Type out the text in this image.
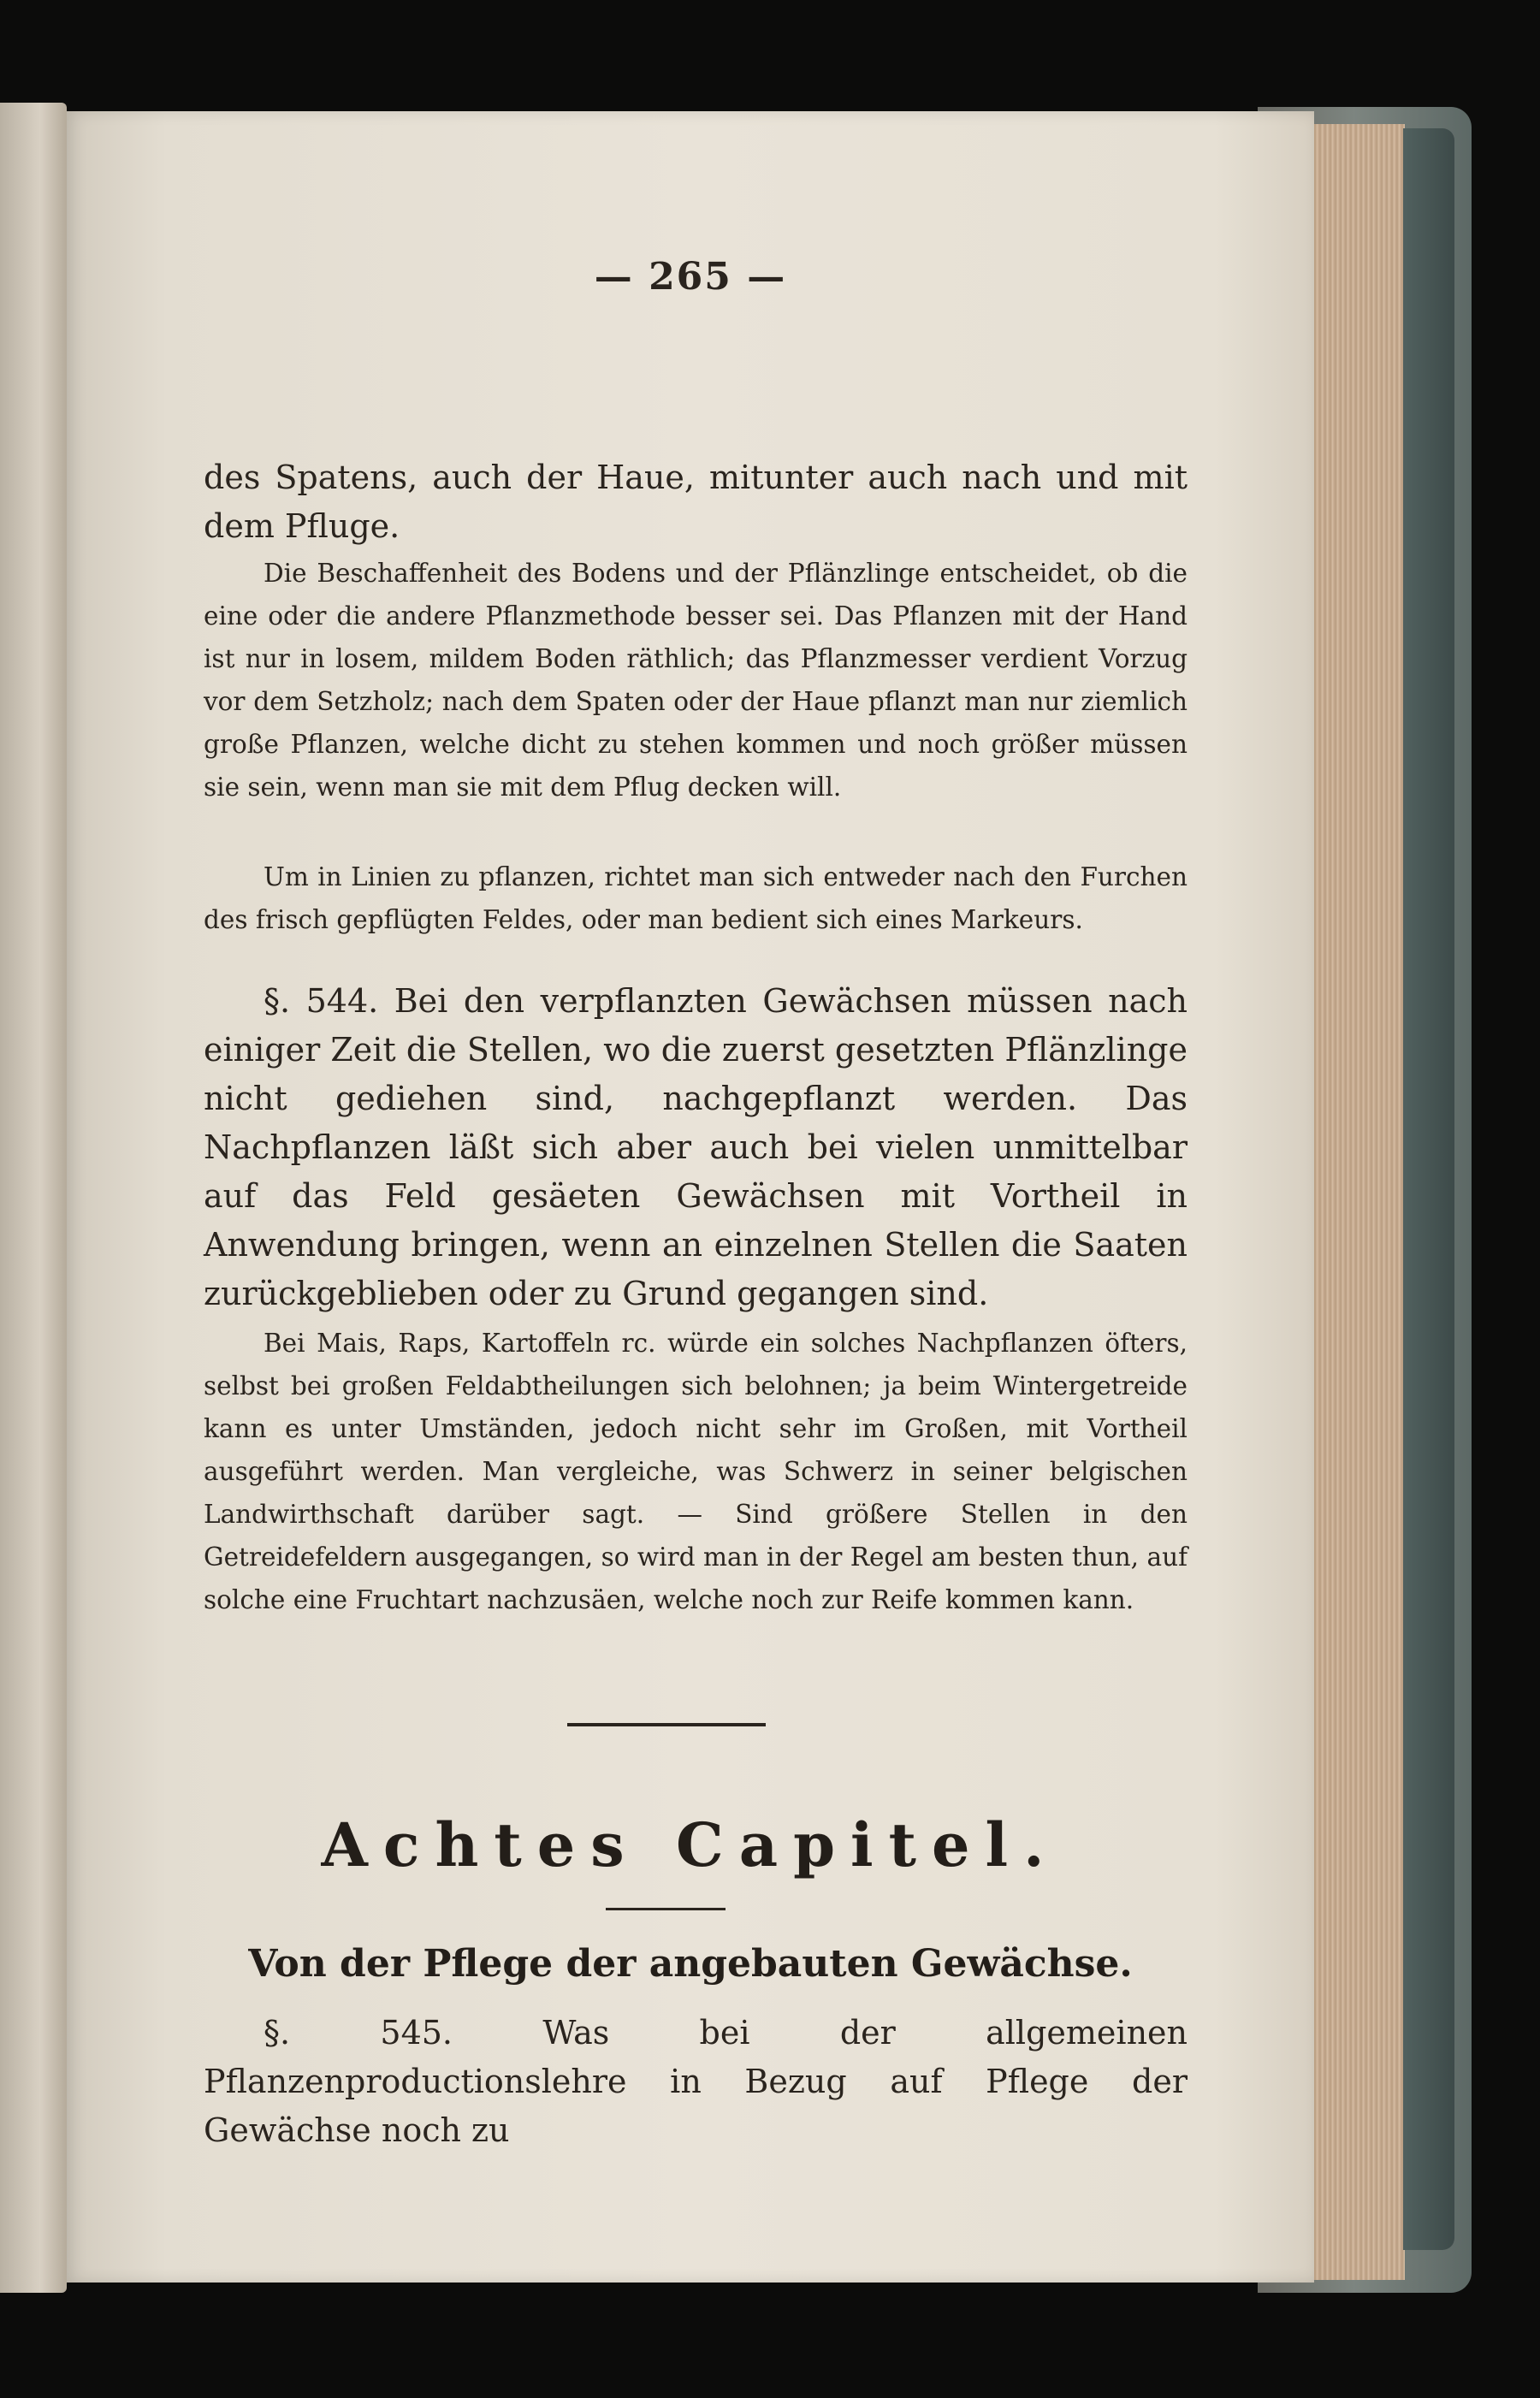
— 265 —

des Spatens, auch der Haue, mitunter auch nach und mit dem Pfluge.

Die Beschaffenheit des Bodens und der Pflänzlinge entscheidet, ob die eine oder die andere Pflanzmethode besser sei. Das Pflanzen mit der Hand ist nur in losem, mildem Boden räthlich; das Pflanzmesser verdient Vorzug vor dem Setzholz; nach dem Spaten oder der Haue pflanzt man nur ziemlich große Pflanzen, welche dicht zu stehen kommen und noch größer müssen sie sein, wenn man sie mit dem Pflug decken will.

Um in Linien zu pflanzen, richtet man sich entweder nach den Furchen des frisch gepflügten Feldes, oder man bedient sich eines Markeurs.

§. 544. Bei den verpflanzten Gewächsen müssen nach einiger Zeit die Stellen, wo die zuerst gesetzten Pflänzlinge nicht gediehen sind, nachgepflanzt werden. Das Nachpflanzen läßt sich aber auch bei vielen unmittelbar auf das Feld gesäeten Gewächsen mit Vortheil in Anwendung bringen, wenn an einzelnen Stellen die Saaten zurückgeblieben oder zu Grund gegangen sind.

Bei Mais, Raps, Kartoffeln rc. würde ein solches Nachpflanzen öfters, selbst bei großen Feldabtheilungen sich belohnen; ja beim Wintergetreide kann es unter Umständen, jedoch nicht sehr im Großen, mit Vortheil ausgeführt werden. Man vergleiche, was Schwerz in seiner belgischen Landwirthschaft darüber sagt. — Sind größere Stellen in den Getreidefeldern ausgegangen, so wird man in der Regel am besten thun, auf solche eine Fruchtart nachzusäen, welche noch zur Reife kommen kann.

Achtes Capitel.
Von der Pflege der angebauten Gewächse.

§. 545. Was bei der allgemeinen Pflanzenproductionslehre in Bezug auf Pflege der Gewächse noch zu
